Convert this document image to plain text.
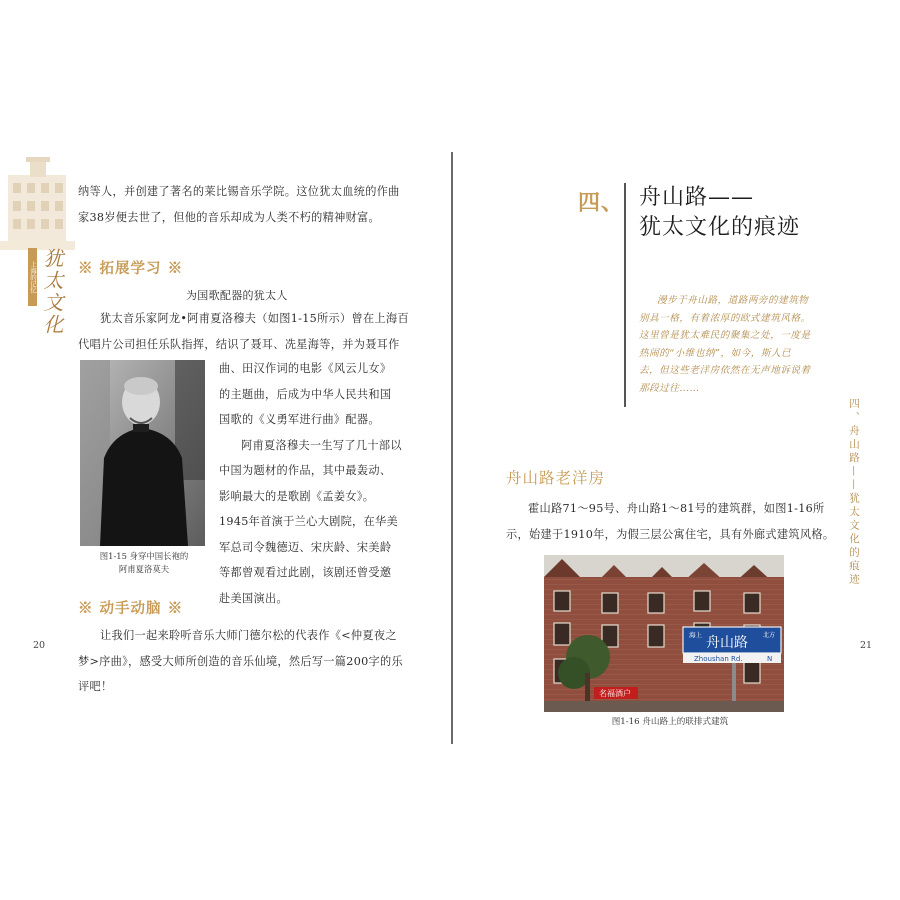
上海的记忆 犹太文化
纳等人，并创建了著名的莱比锡音乐学院。这位犹太血统的作曲
家38岁便去世了，但他的音乐却成为人类不朽的精神财富。
※ 拓展学习 ※
为国歌配器的犹太人
犹太音乐家阿龙•阿甫夏洛穆夫（如图1-15所示）曾在上海百
代唱片公司担任乐队指挥，结识了聂耳、冼星海等，并为聂耳作
图1-15 身穿中国长袍的
阿甫夏洛莫夫
曲、田汉作词的电影《风云儿女》
的主题曲，后成为中华人民共和国
国歌的《义勇军进行曲》配器。
阿甫夏洛穆夫一生写了几十部以
中国为题材的作品，其中最轰动、
影响最大的是歌剧《孟姜女》。
1945年首演于兰心大剧院，在华美
军总司令魏德迈、宋庆龄、宋美龄
等都曾观看过此剧，该剧还曾受邀
赴美国演出。
※ 动手动脑 ※
让我们一起来聆听音乐大师门德尔松的代表作《<仲夏夜之
梦>序曲》，感受大师所创造的音乐仙境，然后写一篇200字的乐
评吧！
20
四、 舟山路——
犹太文化的痕迹
漫步于舟山路，道路两旁的建筑物
别具一格，有着浓厚的欧式建筑风格。
这里曾是犹太难民的聚集之处，一度是
热闹的“小维也纳”，如今，斯人已
去，但这些老洋房依然在无声地诉说着
那段过往……
四、舟山路——犹太文化的痕迹
舟山路老洋房
霍山路71～95号、舟山路1～81号的建筑群，如图1-16所
示，始建于1910年，为假三层公寓住宅，具有外廊式建筑风格。
海上 舟山路	北方
Zhoushan Rd.	N
名福酒户
图1-16 舟山路上的联排式建筑
21
